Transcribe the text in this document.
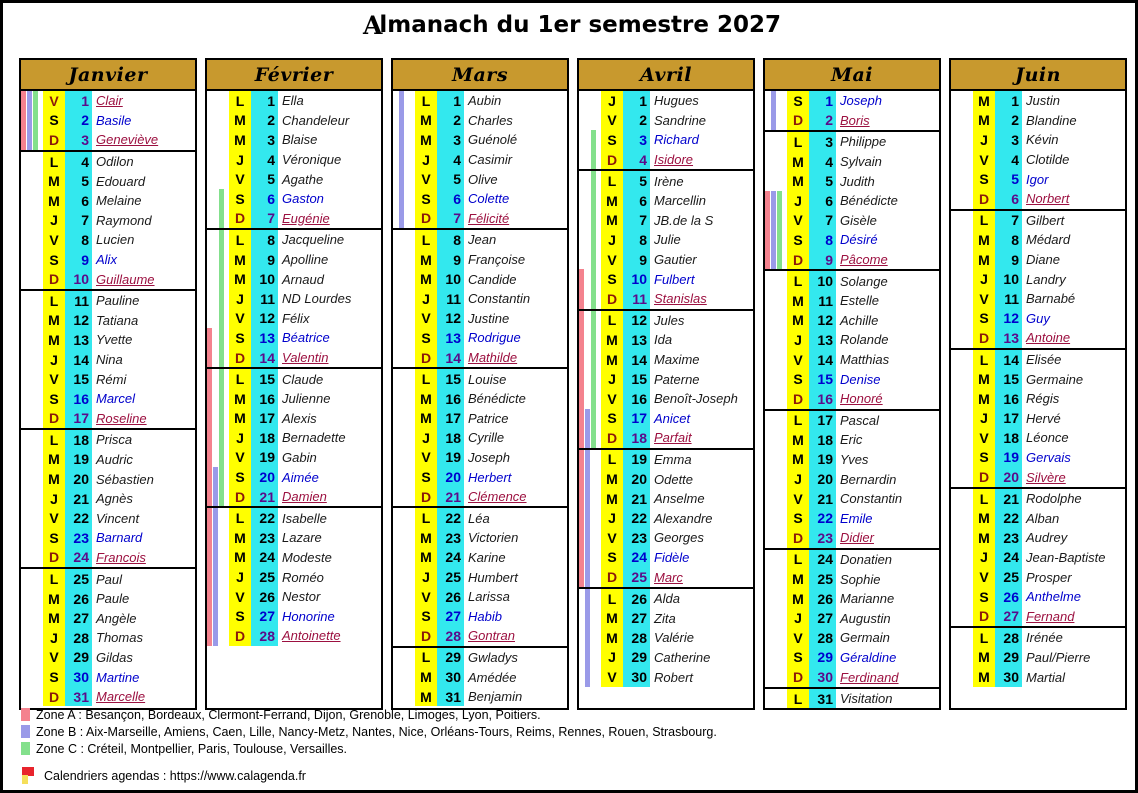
Almanach du 1er semestre 2027
Janvier
V	1 Clair
S	2 Basile
D	3 Geneviève
L	4 Odilon
M	5 Edouard
M	6 Melaine
J	7 Raymond
V	8 Lucien
S	9 Alix
D	10 Guillaume
L	11 Pauline
M 12 Tatiana
M 13 Yvette
J	14 Nina
V	15 Rémi
S	16 Marcel
D	17 Roseline
L	18 Prisca
M 19 Audric
M 20 Sébastien
J	21 Agnès
V	22 Vincent
S	23 Barnard
D	24 Francois
L	25 Paul
M 26 Paule
M 27 Angèle
J	28 Thomas
V	29 Gildas
S	30 Martine
D	31 Marcelle
Février
L	1 Ella
M	2 Chandeleur
M	3 Blaise
J	4 Véronique
V	5 Agathe
S	6 Gaston
D	7 Eugénie
L	8 Jacqueline
M	9 Apolline
M 10 Arnaud
J	11 ND Lourdes
V	12 Félix
S	13 Béatrice
D	14 Valentin
L	15 Claude
M 16 Julienne
M 17 Alexis
J	18 Bernadette
V	19 Gabin
S	20 Aimée
D	21 Damien
L	22 Isabelle
M 23 Lazare
M 24 Modeste
J	25 Roméo
V	26 Nestor
S	27 Honorine
D	28 Antoinette
Mars
L	1 Aubin
M	2 Charles
M	3 Guénolé
J	4 Casimir
V	5 Olive
S	6 Colette
D	7 Félicité
L	8 Jean
M	9 Françoise
M 10 Candide
J	11 Constantin
V	12 Justine
S	13 Rodrigue
D	14 Mathilde
L	15 Louise
M 16 Bénédicte
M 17 Patrice
J	18 Cyrille
V	19 Joseph
S	20 Herbert
D	21 Clémence
L	22 Léa
M 23 Victorien
M 24 Karine
J	25 Humbert
V	26 Larissa
S	27 Habib
D	28 Gontran
L	29 Gwladys
M 30 Amédée
M 31 Benjamin
Avril
J	1 Hugues
V	2 Sandrine
S	3 Richard
D	4 Isidore
L	5 Irène
M	6 Marcellin
M	7 JB.de la S
J	8 Julie
V	9 Gautier
S	10 Fulbert
D	11 Stanislas
L	12 Jules
M 13 Ida
M 14 Maxime
J	15 Paterne
V	16 Benoît-Joseph
S	17 Anicet
D	18 Parfait
L	19 Emma
M 20 Odette
M 21 Anselme
J	22 Alexandre
V	23 Georges
S	24 Fidèle
D	25 Marc
L	26 Alda
M 27 Zita
M 28 Valérie
J	29 Catherine
V	30 Robert
Mai
S	1 Joseph
D	2 Boris
L	3 Philippe
M	4 Sylvain
M	5 Judith
J	6 Bénédicte
V	7 Gisèle
S	8 Désiré
D	9 Pâcome
L	10 Solange
M	11 Estelle
M 12 Achille
J	13 Rolande
V	14 Matthias
S	15 Denise
D	16 Honoré
L	17 Pascal
M 18 Eric
M 19 Yves
J	20 Bernardin
V	21 Constantin
S	22 Emile
D	23 Didier
L	24 Donatien
M 25 Sophie
M 26 Marianne
J	27 Augustin
V	28 Germain
S	29 Géraldine
D	30 Ferdinand
L	31 Visitation
Juin
M	1 Justin
M	2 Blandine
J	3 Kévin
V	4 Clotilde
S	5 Igor
D	6 Norbert
L	7 Gilbert
M	8 Médard
M	9 Diane
J	10 Landry
V	11 Barnabé
S	12 Guy
D	13 Antoine
L	14 Elisée
M 15 Germaine
M 16 Régis
J	17 Hervé
V	18 Léonce
S	19 Gervais
D	20 Silvère
L	21 Rodolphe
M 22 Alban
M 23 Audrey
J	24 Jean-Baptiste
V	25 Prosper
S	26 Anthelme
D	27 Fernand
L	28 Irénée
M 29 Paul/Pierre
M 30 Martial
Zone A : Besançon, Bordeaux, Clermont-Ferrand, Dijon, Grenoble, Limoges, Lyon, Poitiers.
Zone B : Aix-Marseille, Amiens, Caen, Lille, Nancy-Metz, Nantes, Nice, Orléans-Tours, Reims, Rennes, Rouen, Strasbourg.
Zone C : Créteil, Montpellier, Paris, Toulouse, Versailles.
Calendriers agendas : https://www.calagenda.fr
